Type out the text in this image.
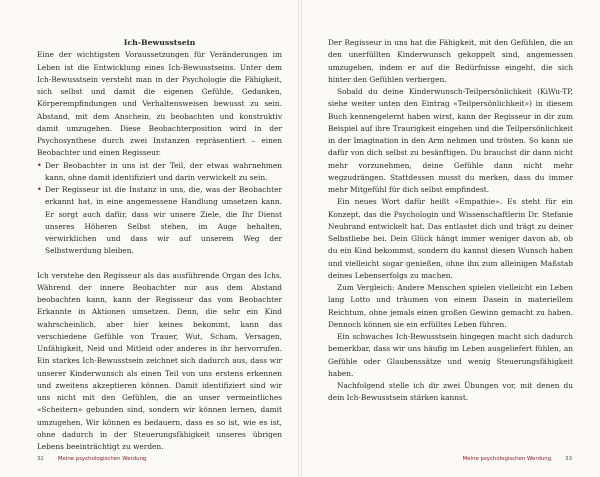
Ich-Bewusstsein

Eine der wichtigsten Voraussetzungen für Veränderungen im Leben ist die Entwicklung eines Ich-Bewusstseins. Unter dem Ich-Bewusstsein versteht man in der Psychologie die Fähigkeit, sich selbst und damit die eigenen Gefühle, Gedanken, Körperempfindungen und Verhaltensweisen bewusst zu sein. Abstand, mit dem Anschein, zu beobachten und konstruktiv damit umzugehen. Diese Beobachterposition wird in der Psychosynthese durch zwei Instanzen repräsentiert – einen Beobachter und einen Regisseur.

• Der Beobachter in uns ist der Teil, der etwas wahrnehmen kann, ohne damit identifiziert und darin verwickelt zu sein.

• Der Regisseur ist die Instanz in uns, die, was der Beobachter erkannt hat, in eine angemessene Handlung umsetzen kann. Er sorgt auch dafür, dass wir unsere Ziele, die Ihr Dienst unseres Höheren Selbst stehen, im Auge behalten, verwirklichen und dass wir auf unserem Weg der Selbstwerdung bleiben.

Ich verstehe den Regisseur als das ausführende Organ des Ichs. Während der innere Beobachter nur aus dem Abstand beobachten kann, kann der Regisseur das vom Beobachter Erkannte in Aktionen umsetzen. Denn, die sehr ein Kind wahrscheinlich, aber hier keines bekommt, kann das verschiedene Gefühle von Trauer, Wut, Scham, Versagen, Unfähigkeit, Neid und Mitleid oder anderes in ihr hervorrufen. Ein starkes Ich-Bewusstsein zeichnet sich dadurch aus, dass wir unserer Kinderwunsch als einen Teil von uns erstens erkennen und zweitens akzeptieren können. Damit identifiziert sind wir uns nicht mit den Gefühlen, die an unser vermeintliches «Scheitern» gebunden sind, sondern wir können lernen, damit umzugehen. Wir können es bedauern, dass es so ist, wie es ist, ohne dadurch in der Steuerungsfähigkeit unseres übrigen Lebens beeinträchtigt zu werden.

32	Meine psychologischen Werdung

Der Regisseur in uns hat die Fähigkeit, mit den Gefühlen, die an den unerfüllten Kinderwunsch gekoppelt sind, angemessen umzugehen, indem er auf die Bedürfnisse eingeht, die sich hinter den Gefühlen verbergen.

Sobald du deine Kinderwunsch-Teilpersönlichkeit (KiWu-TP, siehe weiter unten den Eintrag «Teilpersönlichkeit») in diesem Buch kennengelernt haben wirst, kann der Regisseur in dir zum Beispiel auf ihre Traurigkeit eingehen und die Teilpersönlichkeit in der Imagination in den Arm nehmen und trösten. So kann sie dafür von dich selbst zu besänftigen. Du brauchst dir dann nicht mehr vorzunehmen, deine Gefühle dann nicht mehr wegzudrängen. Stattdessen musst du merken, dass du immer mehr Mitgefühl für dich selbst empfindest.

Ein neues Wort dafür heißt «Empathie». Es steht für ein Konzept, das die Psychologin und Wissenschaftlerin Dr. Stefanie Neubrand entwickelt hat. Das entlastet dich und trägt zu deiner Selbstliebe bei. Dein Glück hängt immer weniger davon ab, ob du ein Kind bekommst, sondern du kannst diesen Wunsch haben und vielleicht sogar genießen, ohne ihn zum alleinigen Maßstab deines Lebenserfolgs zu machen.

Zum Vergleich: Andere Menschen spielen vielleicht ein Leben lang Lotto und träumen von einem Dasein in materiellem Reichtum, ohne jemals einen großen Gewinn gemacht zu haben. Dennoch können sie ein erfülltes Leben führen.

Ein schwaches Ich-Bewusstsein hingegen macht sich dadurch bemerkbar, dass wir uns häufig im Leben ausgeliefert fühlen, an Gefühle oder Glaubenssätze und wenig Steuerungsfähigkeit haben.

Nachfolgend stelle ich dir zwei Übungen vor, mit denen du dein Ich-Bewusstsein stärken kannst.

Meine psychologischen Werdung	33
